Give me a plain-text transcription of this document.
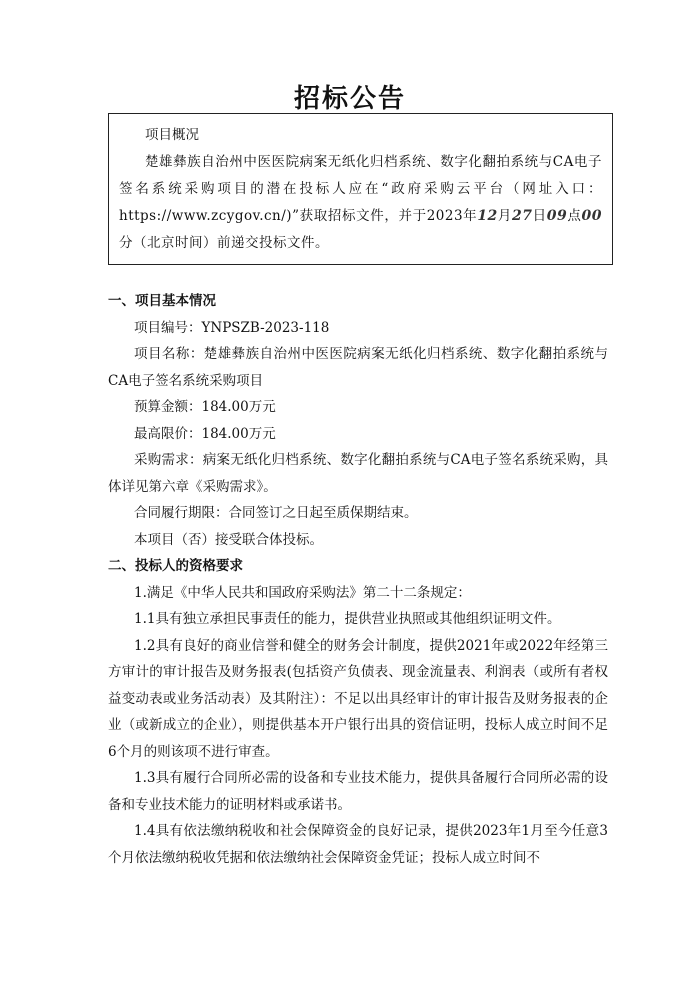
招标公告
项目概况

楚雄彝族自治州中医医院病案无纸化归档系统、数字化翻拍系统与CA电子签名系统采购项目的潜在投标人应在“政府采购云平台（网址入口：https://www.zcygov.cn/)”获取招标文件，并于2023年12月27日09点00分（北京时间）前递交投标文件。

一、项目基本情况
项目编号：YNPSZB-2023-118

项目名称：楚雄彝族自治州中医医院病案无纸化归档系统、数字化翻拍系统与CA电子签名系统采购项目

预算金额：184.00万元
最高限价：184.00万元

采购需求：病案无纸化归档系统、数字化翻拍系统与CA电子签名系统采购，具体详见第六章《采购需求》。

合同履行期限：合同签订之日起至质保期结束。
本项目（否）接受联合体投标。
二、投标人的资格要求
1.满足《中华人民共和国政府采购法》第二十二条规定：
1.1具有独立承担民事责任的能力，提供营业执照或其他组织证明文件。

1.2具有良好的商业信誉和健全的财务会计制度，提供2021年或2022年经第三方审计的审计报告及财务报表(包括资产负债表、现金流量表、利润表（或所有者权益变动表或业务活动表）及其附注）：不足以出具经审计的审计报告及财务报表的企业（或新成立的企业），则提供基本开户银行出具的资信证明，投标人成立时间不足6个月的则该项不进行审查。

1.3具有履行合同所必需的设备和专业技术能力，提供具备履行合同所必需的设备和专业技术能力的证明材料或承诺书。

1.4具有依法缴纳税收和社会保障资金的良好记录，提供2023年1月至今任意3个月依法缴纳税收凭据和依法缴纳社会保障资金凭证；投标人成立时间不
